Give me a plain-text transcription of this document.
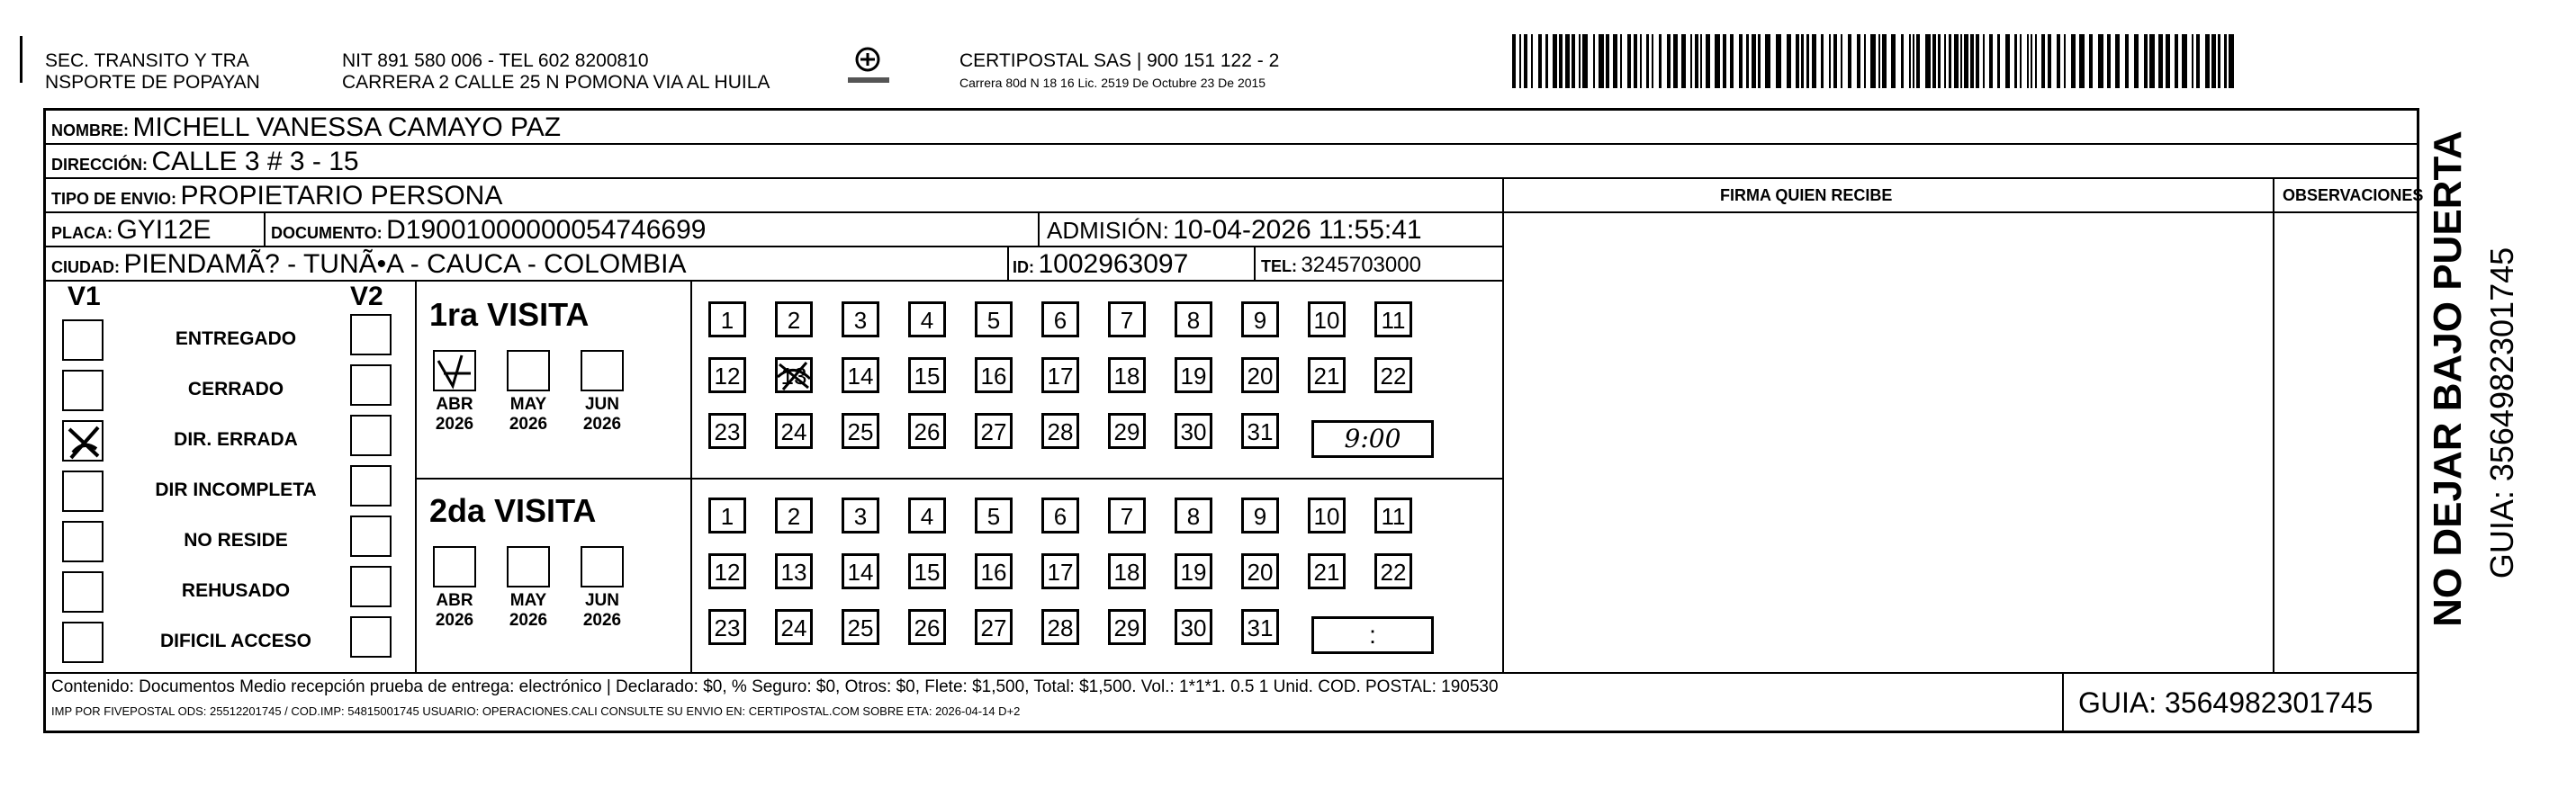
SEC. TRANSITO Y TRA
NSPORTE DE POPAYAN
NIT 891 580 006 - TEL 602 8200810
CARRERA 2 CALLE 25 N POMONA VIA AL HUILA
CERTIPOSTAL SAS | 900 151 122 - 2
Carrera 80d N 18 16 Lic. 2519 De Octubre 23 De 2015
NOMBRE: MICHELL VANESSA CAMAYO PAZ
DIRECCIÓN: CALLE 3 # 3 - 15
TIPO DE ENVIO: PROPIETARIO PERSONA	FIRMA QUIEN RECIBE	OBSERVACIONES
PLACA: GYI12E	DOCUMENTO: D19001000000054746699	ADMISIÓN: 10-04-2026 11:55:41
CIUDAD: PIENDAMÃ? - TUNÃ•A - CAUCA - COLOMBIA	ID: 1002963097	TEL: 3245703000
V1	V2 1ra VISITA
2da VISITA
ENTREGADO
CERRADO
DIR. ERRADA
DIR INCOMPLETA
NO RESIDE
REHUSADO
DIFICIL ACCESO
ABR
2026
MAY
2026
JUN
2026
1	2	3	4	5	6	7	8	9	10 11
12 13 14 15 16 17 18 19 20 21 22
23 24 25 26 27 28 29 30 31
ABR
2026
MAY
2026
JUN
2026
1	2	3	4	5	6	7	8	9	10 11
12 13 14 15 16 17 18 19 20 21 22
23 24 25 26 27 28 29 30 31
9:00
:
Contenido: Documentos Medio recepción prueba de entrega: electrónico | Declarado: $0, % Seguro: $0, Otros: $0, Flete: $1,500, Total: $1,500. Vol.: 1*1*1. 0.5 1 Unid. COD. POSTAL: 190530
IMP POR FIVEPOSTAL ODS: 25512201745 / COD.IMP: 54815001745 USUARIO: OPERACIONES.CALI CONSULTE SU ENVIO EN: CERTIPOSTAL.COM SOBRE ETA: 2026-04-14 D+2	GUIA: 3564982301745
NO DEJAR BAJO PUERTA GUIA: 3564982301745
